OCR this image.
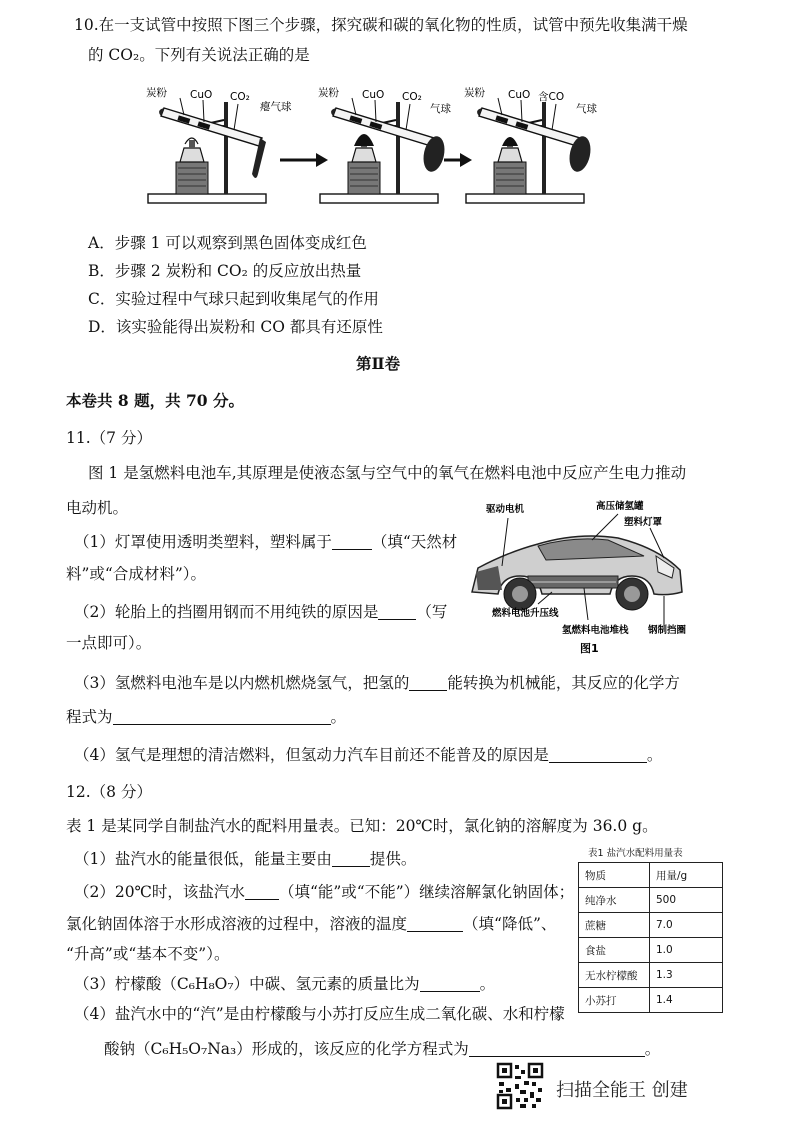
10.在一支试管中按照下图三个步骤，探究碳和碳的氧化物的性质，试管中预先收集满干燥
的 CO₂。下列有关说法正确的是
炭粉 CuO CO₂
瘪气球
炭粉 CuO CO₂
气球
炭粉 CuO 含CO
气球
A．步骤 1 可以观察到黑色固体变成红色
B．步骤 2 炭粉和 CO₂ 的反应放出热量
C．实验过程中气球只起到收集尾气的作用
D．该实验能得出炭粉和 CO 都具有还原性
第Ⅱ卷
本卷共 8 题，共 70 分。
11.（7 分）
图 1 是氢燃料电池车,其原理是使液态氢与空气中的氧气在燃料电池中反应产生电力推动
电动机。
（1）灯罩使用透明类塑料，塑料属于	（填“天然材
料”或“合成材料”）。
（2）轮胎上的挡圈用钢而不用纯铁的原因是 （写
一点即可）。
驱动电机	高压储氢罐
塑料灯罩
燃料电池升压线
氢燃料电池堆栈 钢制挡圈
图1
（3）氢燃料电池车是以内燃机燃烧氢气，把氢的 能转换为机械能，其反应的化学方
程式为	。
（4）氢气是理想的清洁燃料，但氢动力汽车目前还不能普及的原因是	。
12.（8 分）
表 1 是某同学自制盐汽水的配料用量表。已知：20℃时，氯化钠的溶解度为 36.0 g。
（1）盐汽水的能量很低，能量主要由 提供。
（2）20℃时，该盐汽水 （填“能”或“不能”）继续溶解氯化钠固体；
氯化钠固体溶于水形成溶液的过程中，溶液的温度	（填“降低”、
“升高”或“基本不变”）。
（3）柠檬酸（C₆H₈O₇）中碳、氢元素的质量比为	。
（4）盐汽水中的“汽”是由柠檬酸与小苏打反应生成二氧化碳、水和柠檬
酸钠（C₆H₅O₇Na₃）形成的，该反应的化学方程式为	。
表1 盐汽水配料用量表
物质	用量/g
纯净水	500
蔗糖	7.0
食盐	1.0
无水柠檬酸	1.3
小苏打	1.4
扫描全能王 创建
